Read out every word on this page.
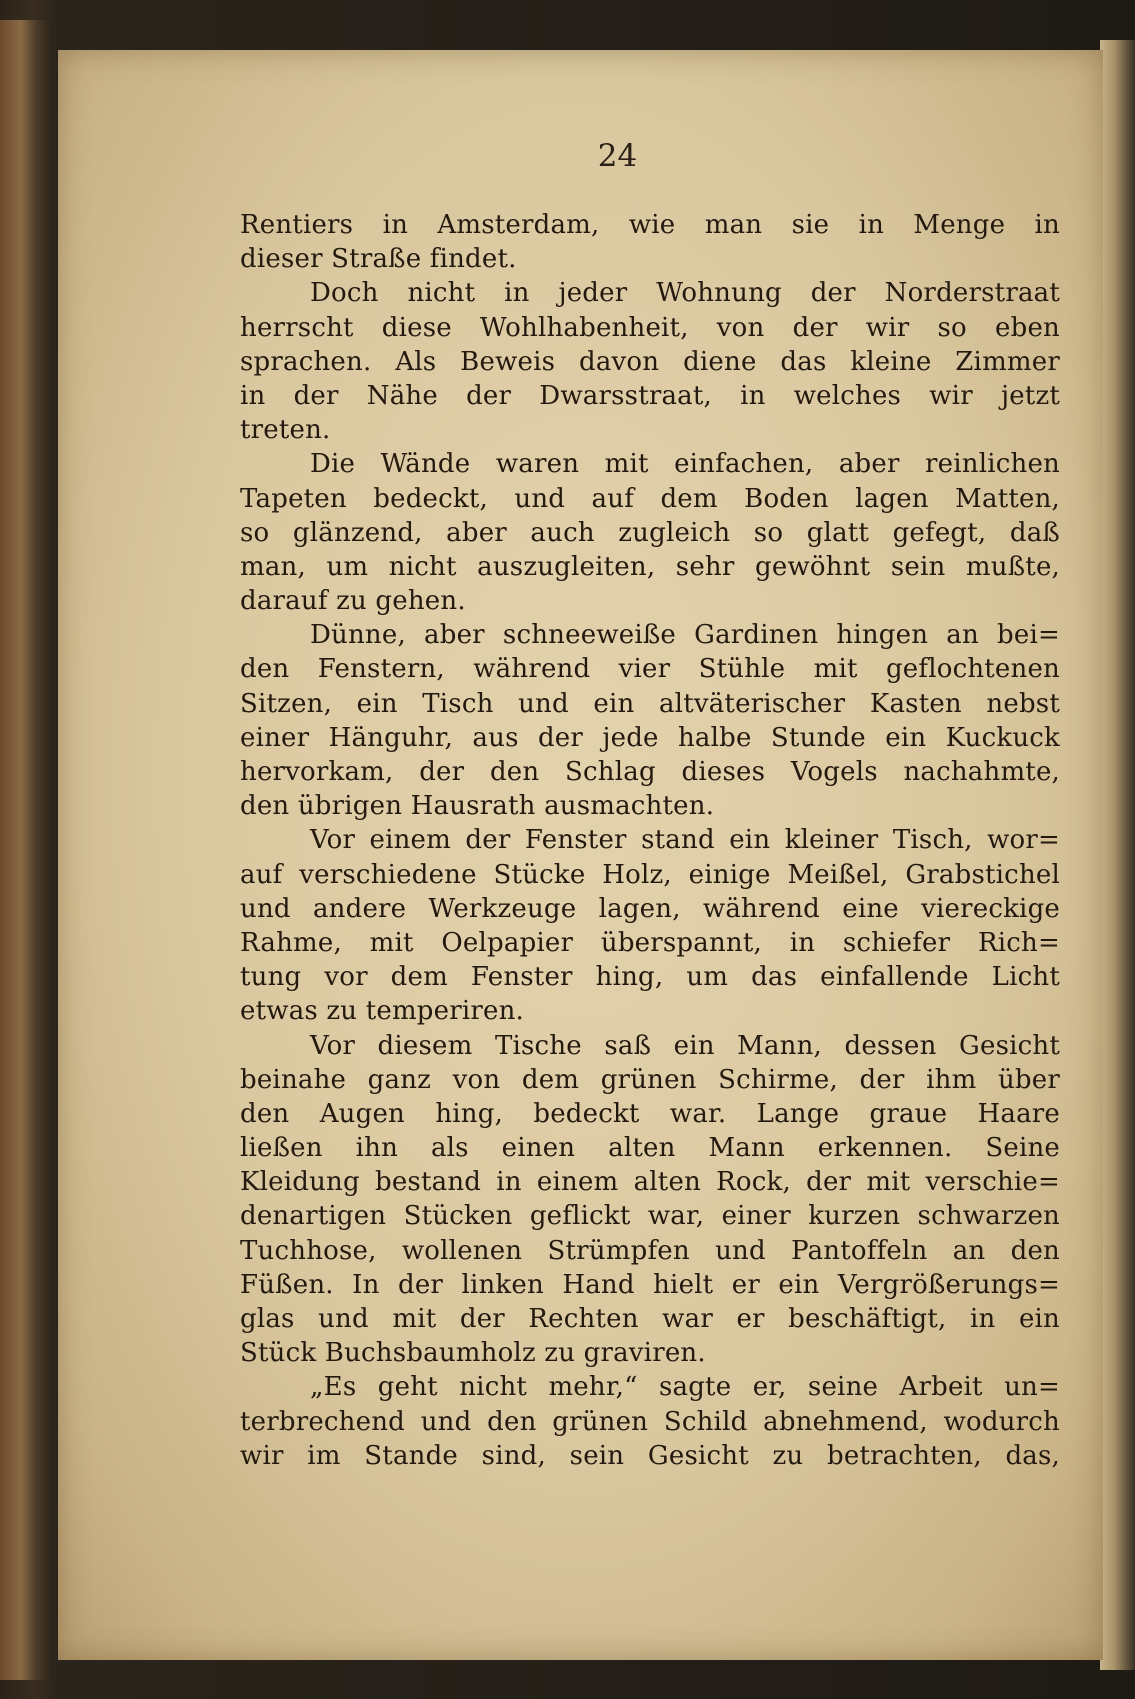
24
Rentiers in Amsterdam, wie man sie in Menge in
dieser Straße findet.
Doch nicht in jeder Wohnung der Norderstraat
herrscht diese Wohlhabenheit, von der wir so eben
sprachen. Als Beweis davon diene das kleine Zimmer
in der Nähe der Dwarsstraat, in welches wir jetzt
treten.
Die Wände waren mit einfachen, aber reinlichen
Tapeten bedeckt, und auf dem Boden lagen Matten,
so glänzend, aber auch zugleich so glatt gefegt, daß
man, um nicht auszugleiten, sehr gewöhnt sein mußte,
darauf zu gehen.
Dünne, aber schneeweiße Gardinen hingen an bei=
den Fenstern, während vier Stühle mit geflochtenen
Sitzen, ein Tisch und ein altväterischer Kasten nebst
einer Hänguhr, aus der jede halbe Stunde ein Kuckuck
hervorkam, der den Schlag dieses Vogels nachahmte,
den übrigen Hausrath ausmachten.
Vor einem der Fenster stand ein kleiner Tisch, wor=
auf verschiedene Stücke Holz, einige Meißel, Grabstichel
und andere Werkzeuge lagen, während eine viereckige
Rahme, mit Oelpapier überspannt, in schiefer Rich=
tung vor dem Fenster hing, um das einfallende Licht
etwas zu temperiren.
Vor diesem Tische saß ein Mann, dessen Gesicht
beinahe ganz von dem grünen Schirme, der ihm über
den Augen hing, bedeckt war. Lange graue Haare
ließen ihn als einen alten Mann erkennen. Seine
Kleidung bestand in einem alten Rock, der mit verschie=
denartigen Stücken geflickt war, einer kurzen schwarzen
Tuchhose, wollenen Strümpfen und Pantoffeln an den
Füßen. In der linken Hand hielt er ein Vergrößerungs=
glas und mit der Rechten war er beschäftigt, in ein
Stück Buchsbaumholz zu graviren.
„Es geht nicht mehr,“ sagte er, seine Arbeit un=
terbrechend und den grünen Schild abnehmend, wodurch
wir im Stande sind, sein Gesicht zu betrachten, das,
